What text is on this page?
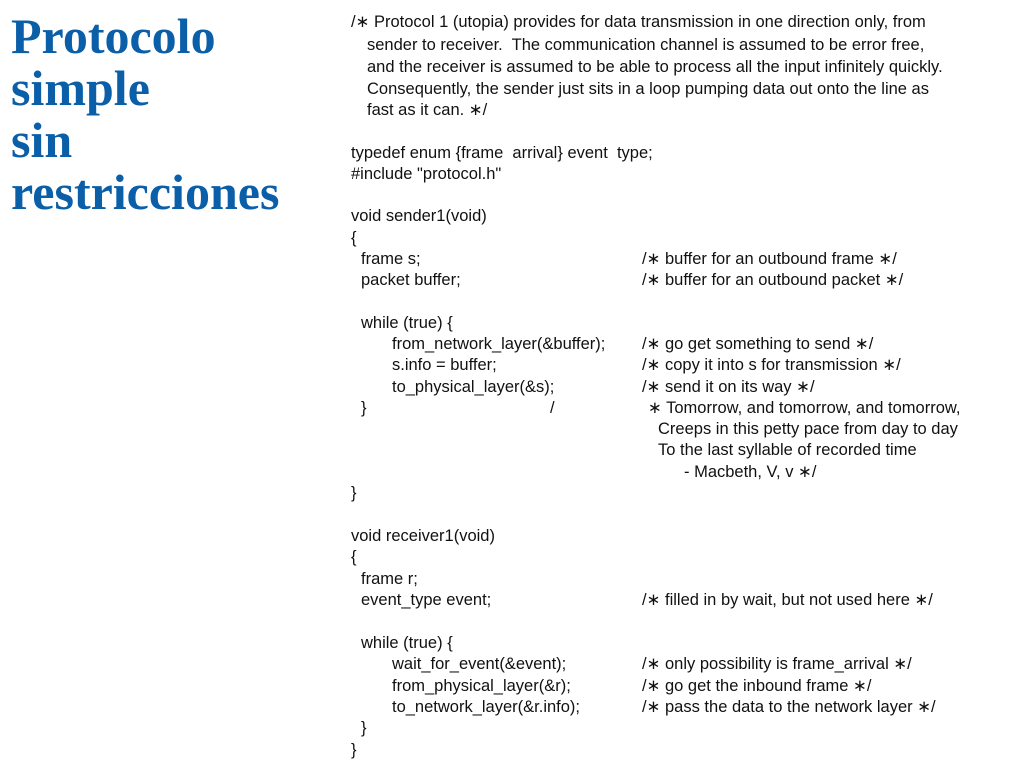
Protocolo
simple
sin
restricciones
/∗ Protocol 1 (utopia) provides for data transmission in one direction only, from
sender to receiver.  The communication channel is assumed to be error free,
and the receiver is assumed to be able to process all the input infinitely quickly.
Consequently, the sender just sits in a loop pumping data out onto the line as
fast as it can. ∗/
typedef enum {frame  arrival} event  type;
#include "protocol.h"
void sender1(void)
{
frame s;	/∗ buffer for an outbound frame ∗/
packet buffer;	/∗ buffer for an outbound packet ∗/
while (true) {
from_network_layer(&buffer); /∗ go get something to send ∗/
s.info = buffer;	/∗ copy it into s for transmission ∗/
to_physical_layer(&s);	/∗ send it on its way ∗/
}	/	∗ Tomorrow, and tomorrow, and tomorrow,
Creeps in this petty pace from day to day
To the last syllable of recorded time
- Macbeth, V, v ∗/
}
void receiver1(void)
{
frame r;
event_type event;	/∗ filled in by wait, but not used here ∗/
while (true) {
wait_for_event(&event);	/∗ only possibility is frame_arrival ∗/
from_physical_layer(&r);	/∗ go get the inbound frame ∗/
to_network_layer(&r.info);	/∗ pass the data to the network layer ∗/
}
}
